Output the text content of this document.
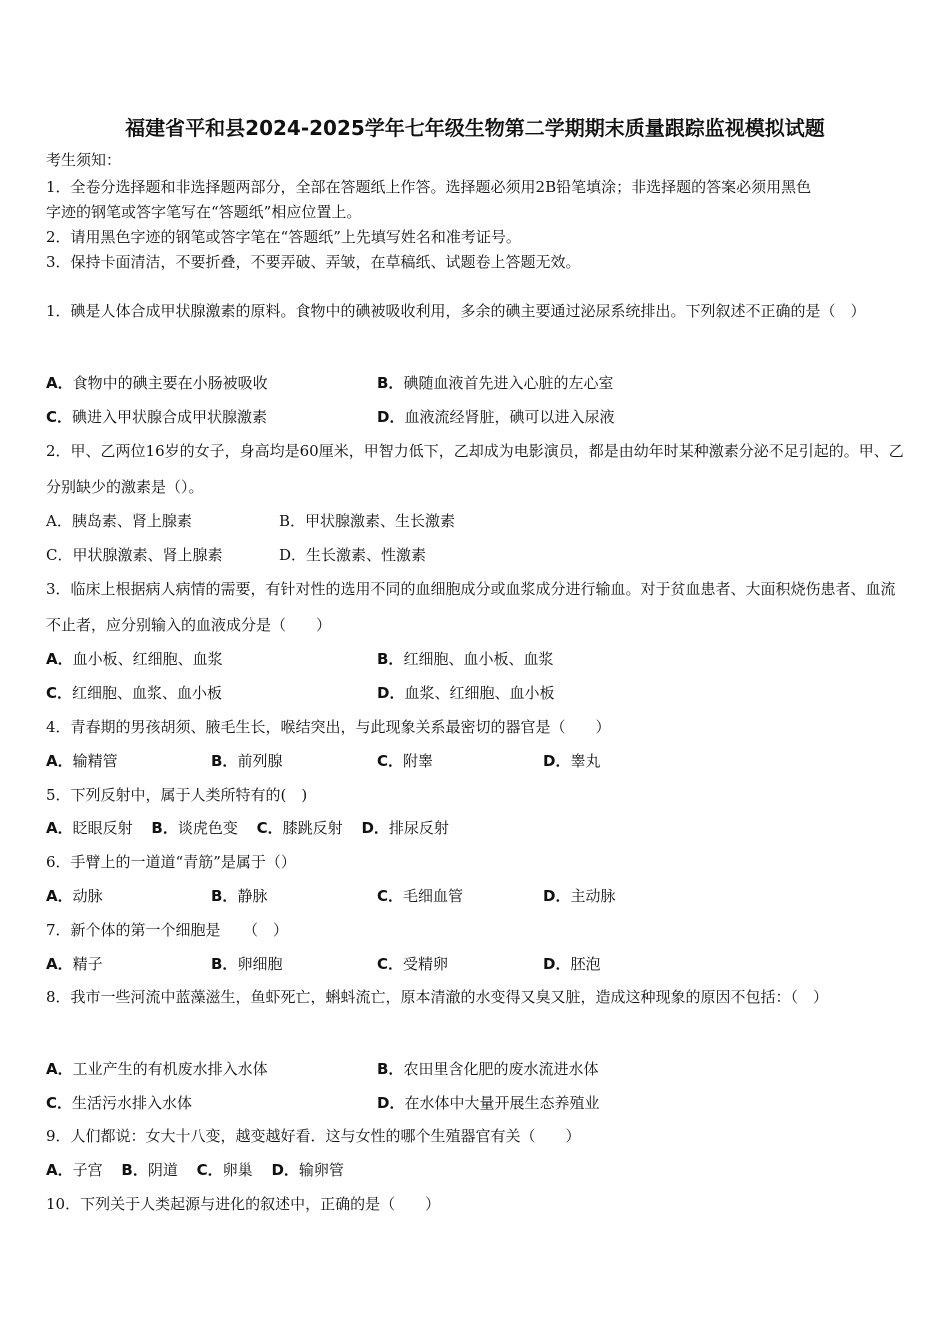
福建省平和县2024-2025学年七年级生物第二学期期末质量跟踪监视模拟试题
考生须知：
1．全卷分选择题和非选择题两部分，全部在答题纸上作答。选择题必须用2B铅笔填涂；非选择题的答案必须用黑色
字迹的钢笔或答字笔写在“答题纸”相应位置上。
2．请用黑色字迹的钢笔或答字笔在“答题纸”上先填写姓名和准考证号。
3．保持卡面清洁，不要折叠，不要弄破、弄皱，在草稿纸、试题卷上答题无效。
1．碘是人体合成甲状腺激素的原料。食物中的碘被吸收利用，多余的碘主要通过泌尿系统排出。下列叙述不正确的是（　）
A．食物中的碘主要在小肠被吸收	B．碘随血液首先进入心脏的左心室
C．碘进入甲状腺合成甲状腺激素	D．血液流经肾脏，碘可以进入尿液
2．甲、乙两位16岁的女子，身高均是60厘米，甲智力低下，乙却成为电影演员，都是由幼年时某种激素分泌不足引起的。甲、乙分别缺少的激素是（）。
A．胰岛素、肾上腺素	B．甲状腺激素、生长激素
C．甲状腺激素、肾上腺素	D．生长激素、性激素
3．临床上根据病人病情的需要，有针对性的选用不同的血细胞成分或血浆成分进行输血。对于贫血患者、大面积烧伤患者、血流不止者，应分别输入的血液成分是（　　）
A．血小板、红细胞、血浆	B．红细胞、血小板、血浆
C．红细胞、血浆、血小板	D．血浆、红细胞、血小板
4．青春期的男孩胡须、腋毛生长，喉结突出，与此现象关系最密切的器官是（　　）
A．输精管	B．前列腺	C．附睾	D．睾丸
5．下列反射中，属于人类所特有的(　)
A．眨眼反射 B．谈虎色变 C．膝跳反射 D．排尿反射
6．手臂上的一道道“青筋”是属于（）
A．动脉	B．静脉	C．毛细血管	D．主动脉
7．新个体的第一个细胞是　　（　）
A．精子	B．卵细胞	C．受精卵	D．胚泡
8．我市一些河流中蓝藻滋生，鱼虾死亡，蝌蚪流亡，原本清澈的水变得又臭又脏，造成这种现象的原因不包括：（　）
A．工业产生的有机废水排入水体	B．农田里含化肥的废水流进水体
C．生活污水排入水体	D．在水体中大量开展生态养殖业
9．人们都说：女大十八变，越变越好看．这与女性的哪个生殖器官有关（　　）
A．子宫 B．阴道 C．卵巢 D．输卵管
10．下列关于人类起源与进化的叙述中，正确的是（　　）
